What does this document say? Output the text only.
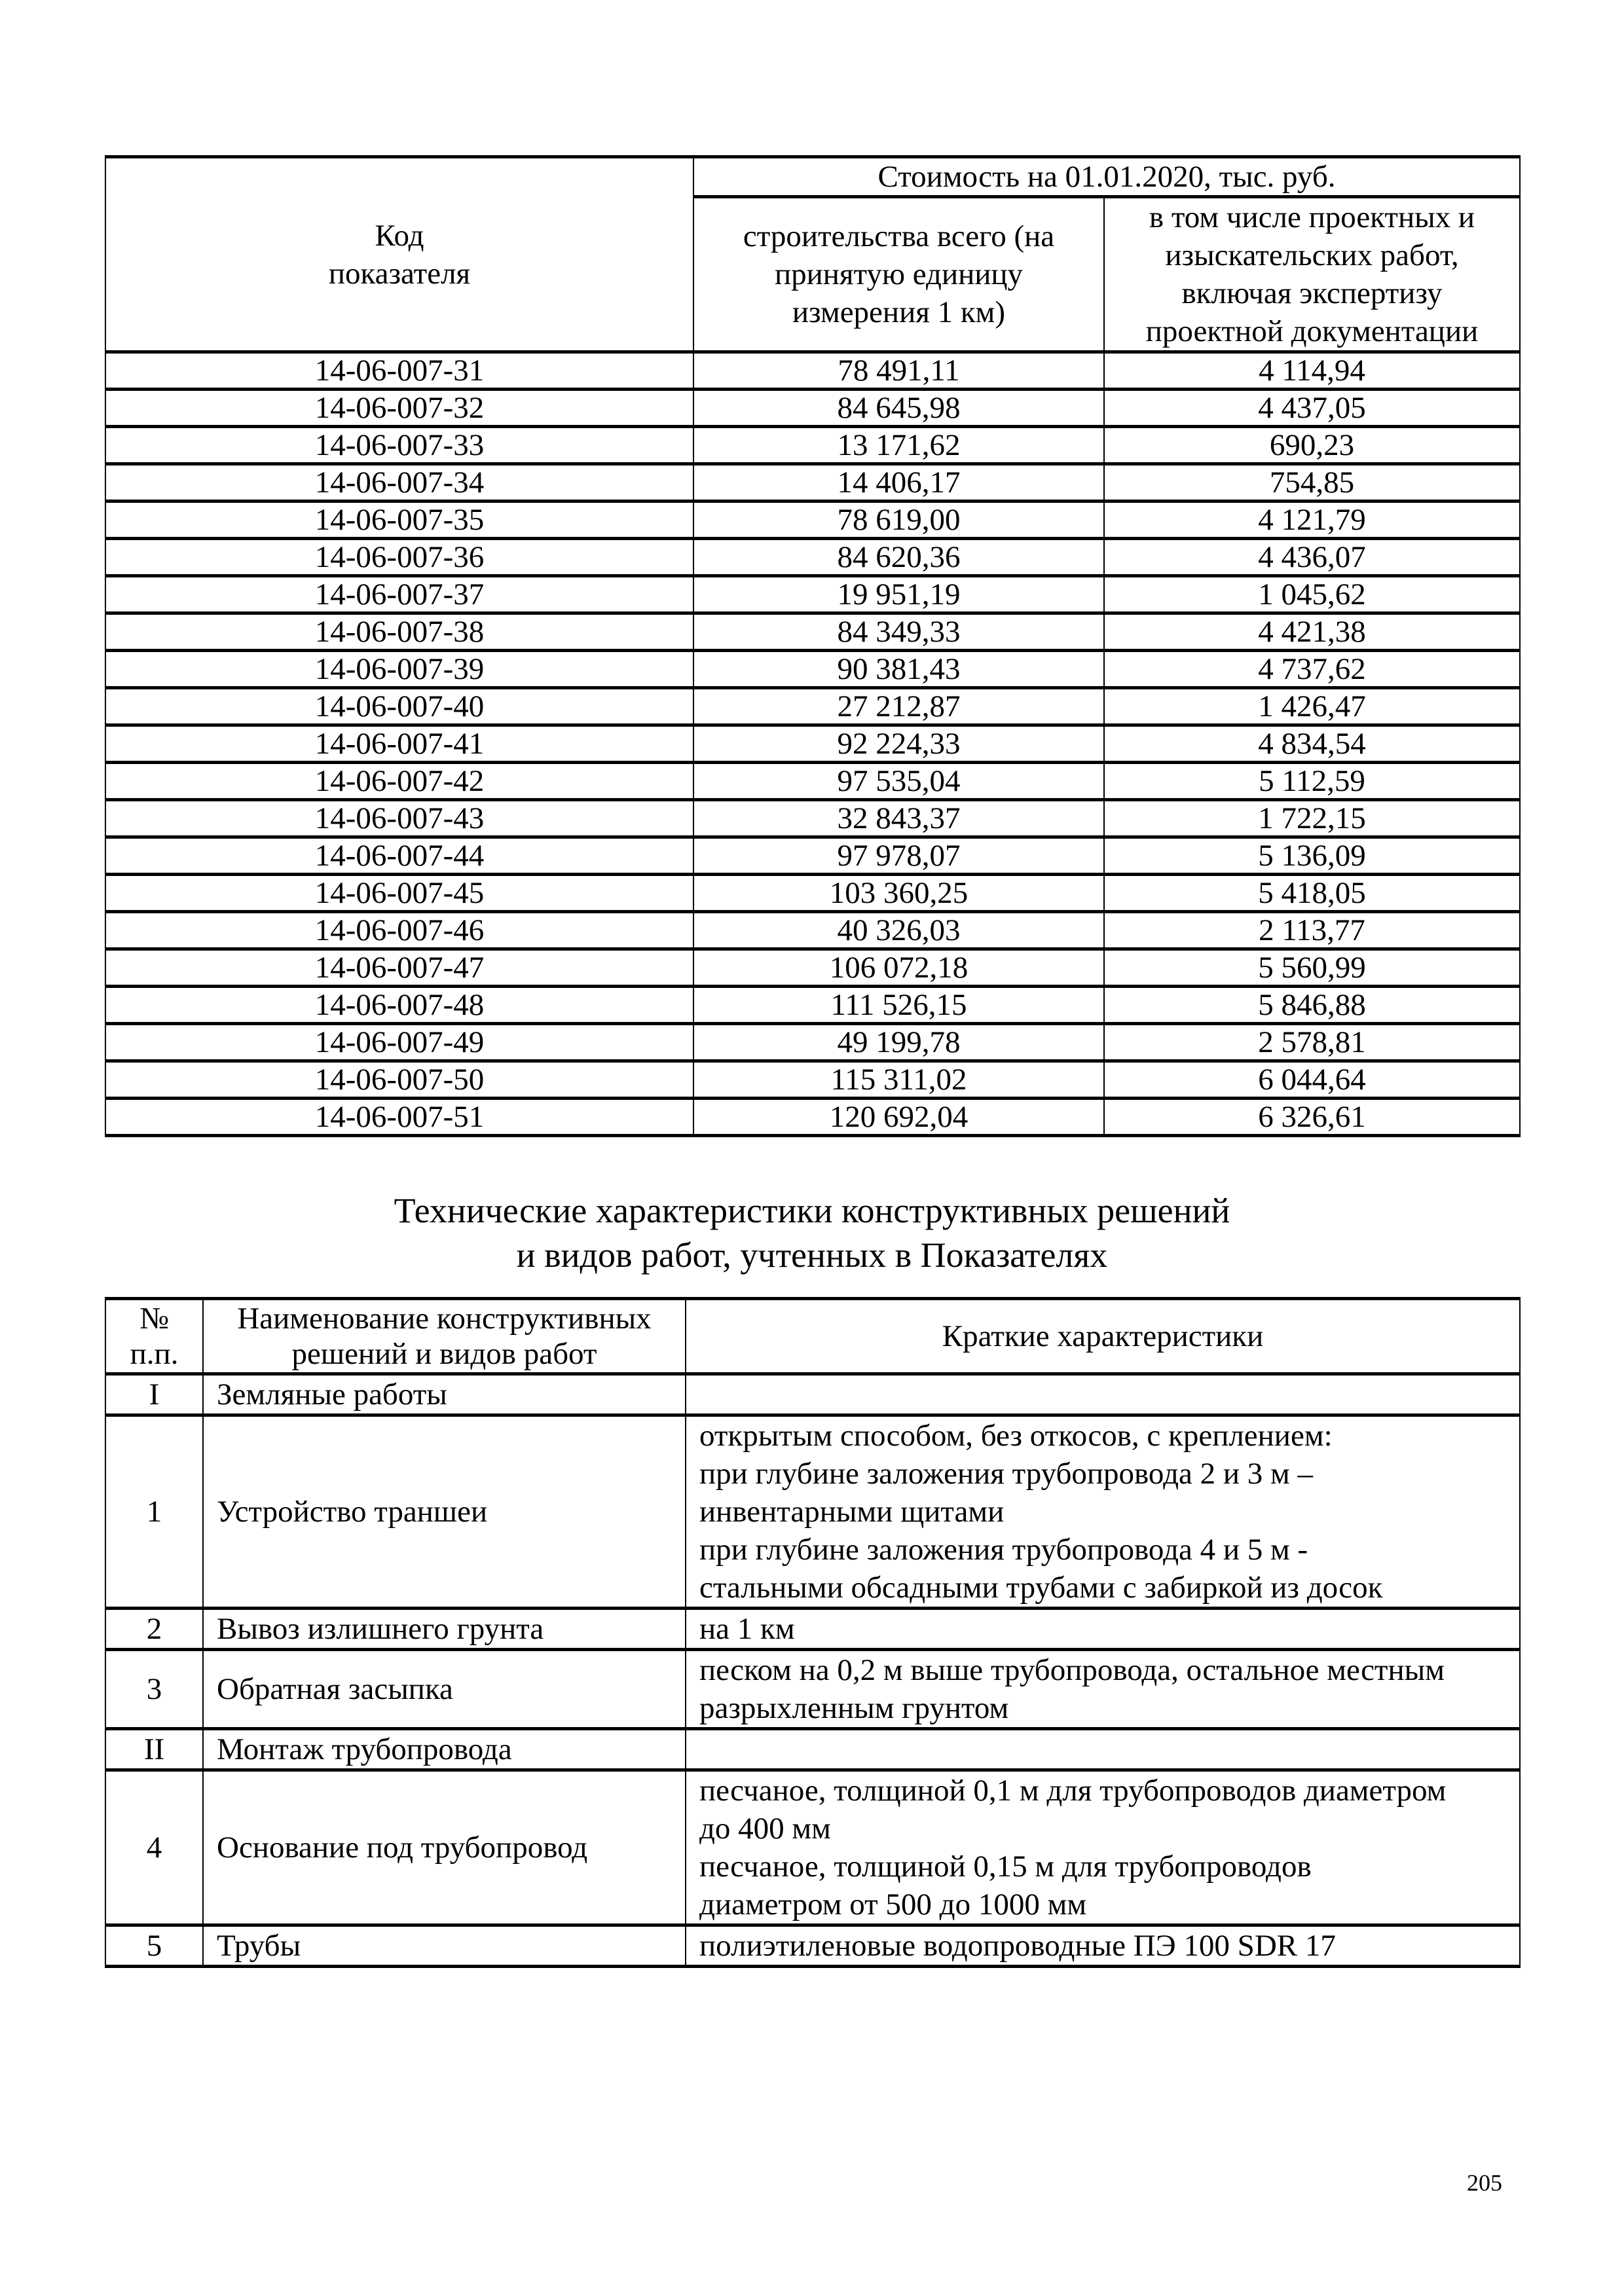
Код
показателя	Стоимость на 01.01.2020, тыс. руб.	

	строительства всего (на
принятую единицу
измерения 1 км)	в том числе проектных и
изыскательских работ,
включая экспертизу
проектной документации

14-06-007-31	78 491,11	4 114,94
14-06-007-32	84 645,98	4 437,05
14-06-007-33	13 171,62	690,23
14-06-007-34	14 406,17	754,85
14-06-007-35	78 619,00	4 121,79
14-06-007-36	84 620,36	4 436,07
14-06-007-37	19 951,19	1 045,62
14-06-007-38	84 349,33	4 421,38
14-06-007-39	90 381,43	4 737,62
14-06-007-40	27 212,87	1 426,47
14-06-007-41	92 224,33	4 834,54
14-06-007-42	97 535,04	5 112,59
14-06-007-43	32 843,37	1 722,15
14-06-007-44	97 978,07	5 136,09
14-06-007-45	103 360,25	5 418,05
14-06-007-46	40 326,03	2 113,77
14-06-007-47	106 072,18	5 560,99
14-06-007-48	111 526,15	5 846,88
14-06-007-49	49 199,78	2 578,81
14-06-007-50	115 311,02	6 044,64
14-06-007-51	120 692,04	6 326,61
Технические характеристики конструктивных решений
и видов работ, учтенных в Показателях
№
п.п.	Наименование конструктивных
решений и видов работ	Краткие характеристики
I	Земляные работы	
1	Устройство траншеи	открытым способом, без откосов, с креплением:
при глубине заложения трубопровода 2 и 3 м –
инвентарными щитами
при глубине заложения трубопровода 4 и 5 м -
стальными обсадными трубами с забиркой из досок

2	Вывоз излишнего грунта	на 1 км

3	Обратная засыпка	песком на 0,2 м выше трубопровода, остальное местным
разрыхленным грунтом

II	Монтаж трубопровода	
4	Основание под трубопровод	песчаное, толщиной 0,1 м для трубопроводов диаметром
до 400 мм
песчаное, толщиной 0,15 м для трубопроводов
диаметром от 500 до 1000 мм

5	Трубы	полиэтиленовые водопроводные ПЭ 100 SDR 17
205
